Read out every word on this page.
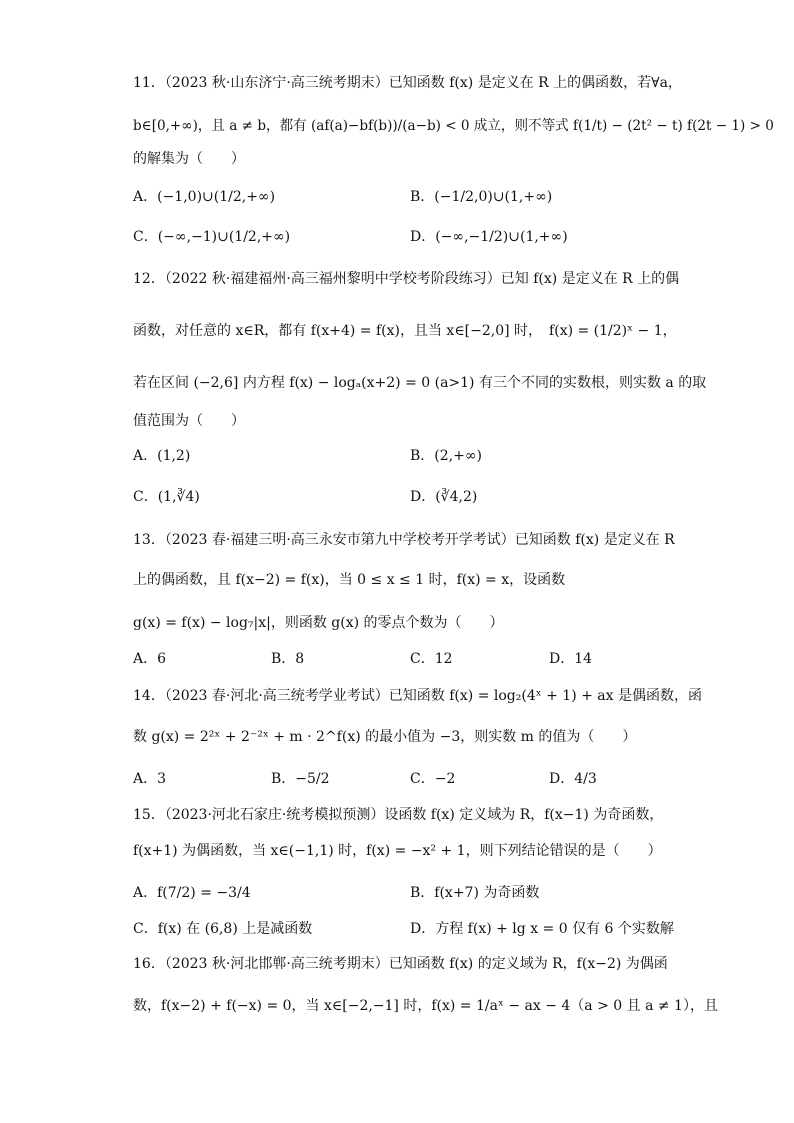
11．（2023 秋·山东济宁·高三统考期末）已知函数 f(x) 是定义在 R 上的偶函数，若∀a，
b∈[0,+∞)，且 a ≠ b，都有 (af(a)−bf(b))/(a−b) < 0 成立，则不等式 f(1/t) − (2t² − t) f(2t − 1) > 0
的解集为（　　）
A．(−1,0)∪(1/2,+∞)	B．(−1/2,0)∪(1,+∞)
C．(−∞,−1)∪(1/2,+∞)	D．(−∞,−1/2)∪(1,+∞)
12．（2022 秋·福建福州·高三福州黎明中学校考阶段练习）已知 f(x) 是定义在 R 上的偶
函数，对任意的 x∈R，都有 f(x+4) = f(x)，且当 x∈[−2,0] 时，　f(x) = (1/2)ˣ − 1，
若在区间 (−2,6] 内方程 f(x) − logₐ(x+2) = 0 (a>1) 有三个不同的实数根，则实数 a 的取
值范围为（　　）
A．(1,2)	B．(2,+∞)
C．(1,∛4)	D．(∛4,2)
13．（2023 春·福建三明·高三永安市第九中学校考开学考试）已知函数 f(x) 是定义在 R
上的偶函数，且 f(x−2) = f(x)，当 0 ≤ x ≤ 1 时，f(x) = x，设函数
g(x) = f(x) − log₇|x|，则函数 g(x) 的零点个数为（　　）
A．6	B．8	C．12	D．14
14．（2023 春·河北·高三统考学业考试）已知函数 f(x) = log₂(4ˣ + 1) + ax 是偶函数，函
数 g(x) = 2²ˣ + 2⁻²ˣ + m · 2^f(x) 的最小值为 −3，则实数 m 的值为（　　）
A．3	B．−5/2	C．−2	D．4/3
15．（2023·河北石家庄·统考模拟预测）设函数 f(x) 定义域为 R，f(x−1) 为奇函数，
f(x+1) 为偶函数，当 x∈(−1,1) 时，f(x) = −x² + 1，则下列结论错误的是（　　）
A．f(7/2) = −3/4	B．f(x+7) 为奇函数
C．f(x) 在 (6,8) 上是减函数	D．方程 f(x) + lg x = 0 仅有 6 个实数解
16．（2023 秋·河北邯郸·高三统考期末）已知函数 f(x) 的定义域为 R，f(x−2) 为偶函
数，f(x−2) + f(−x) = 0，当 x∈[−2,−1] 时，f(x) = 1/aˣ − ax − 4（a > 0 且 a ≠ 1），且
